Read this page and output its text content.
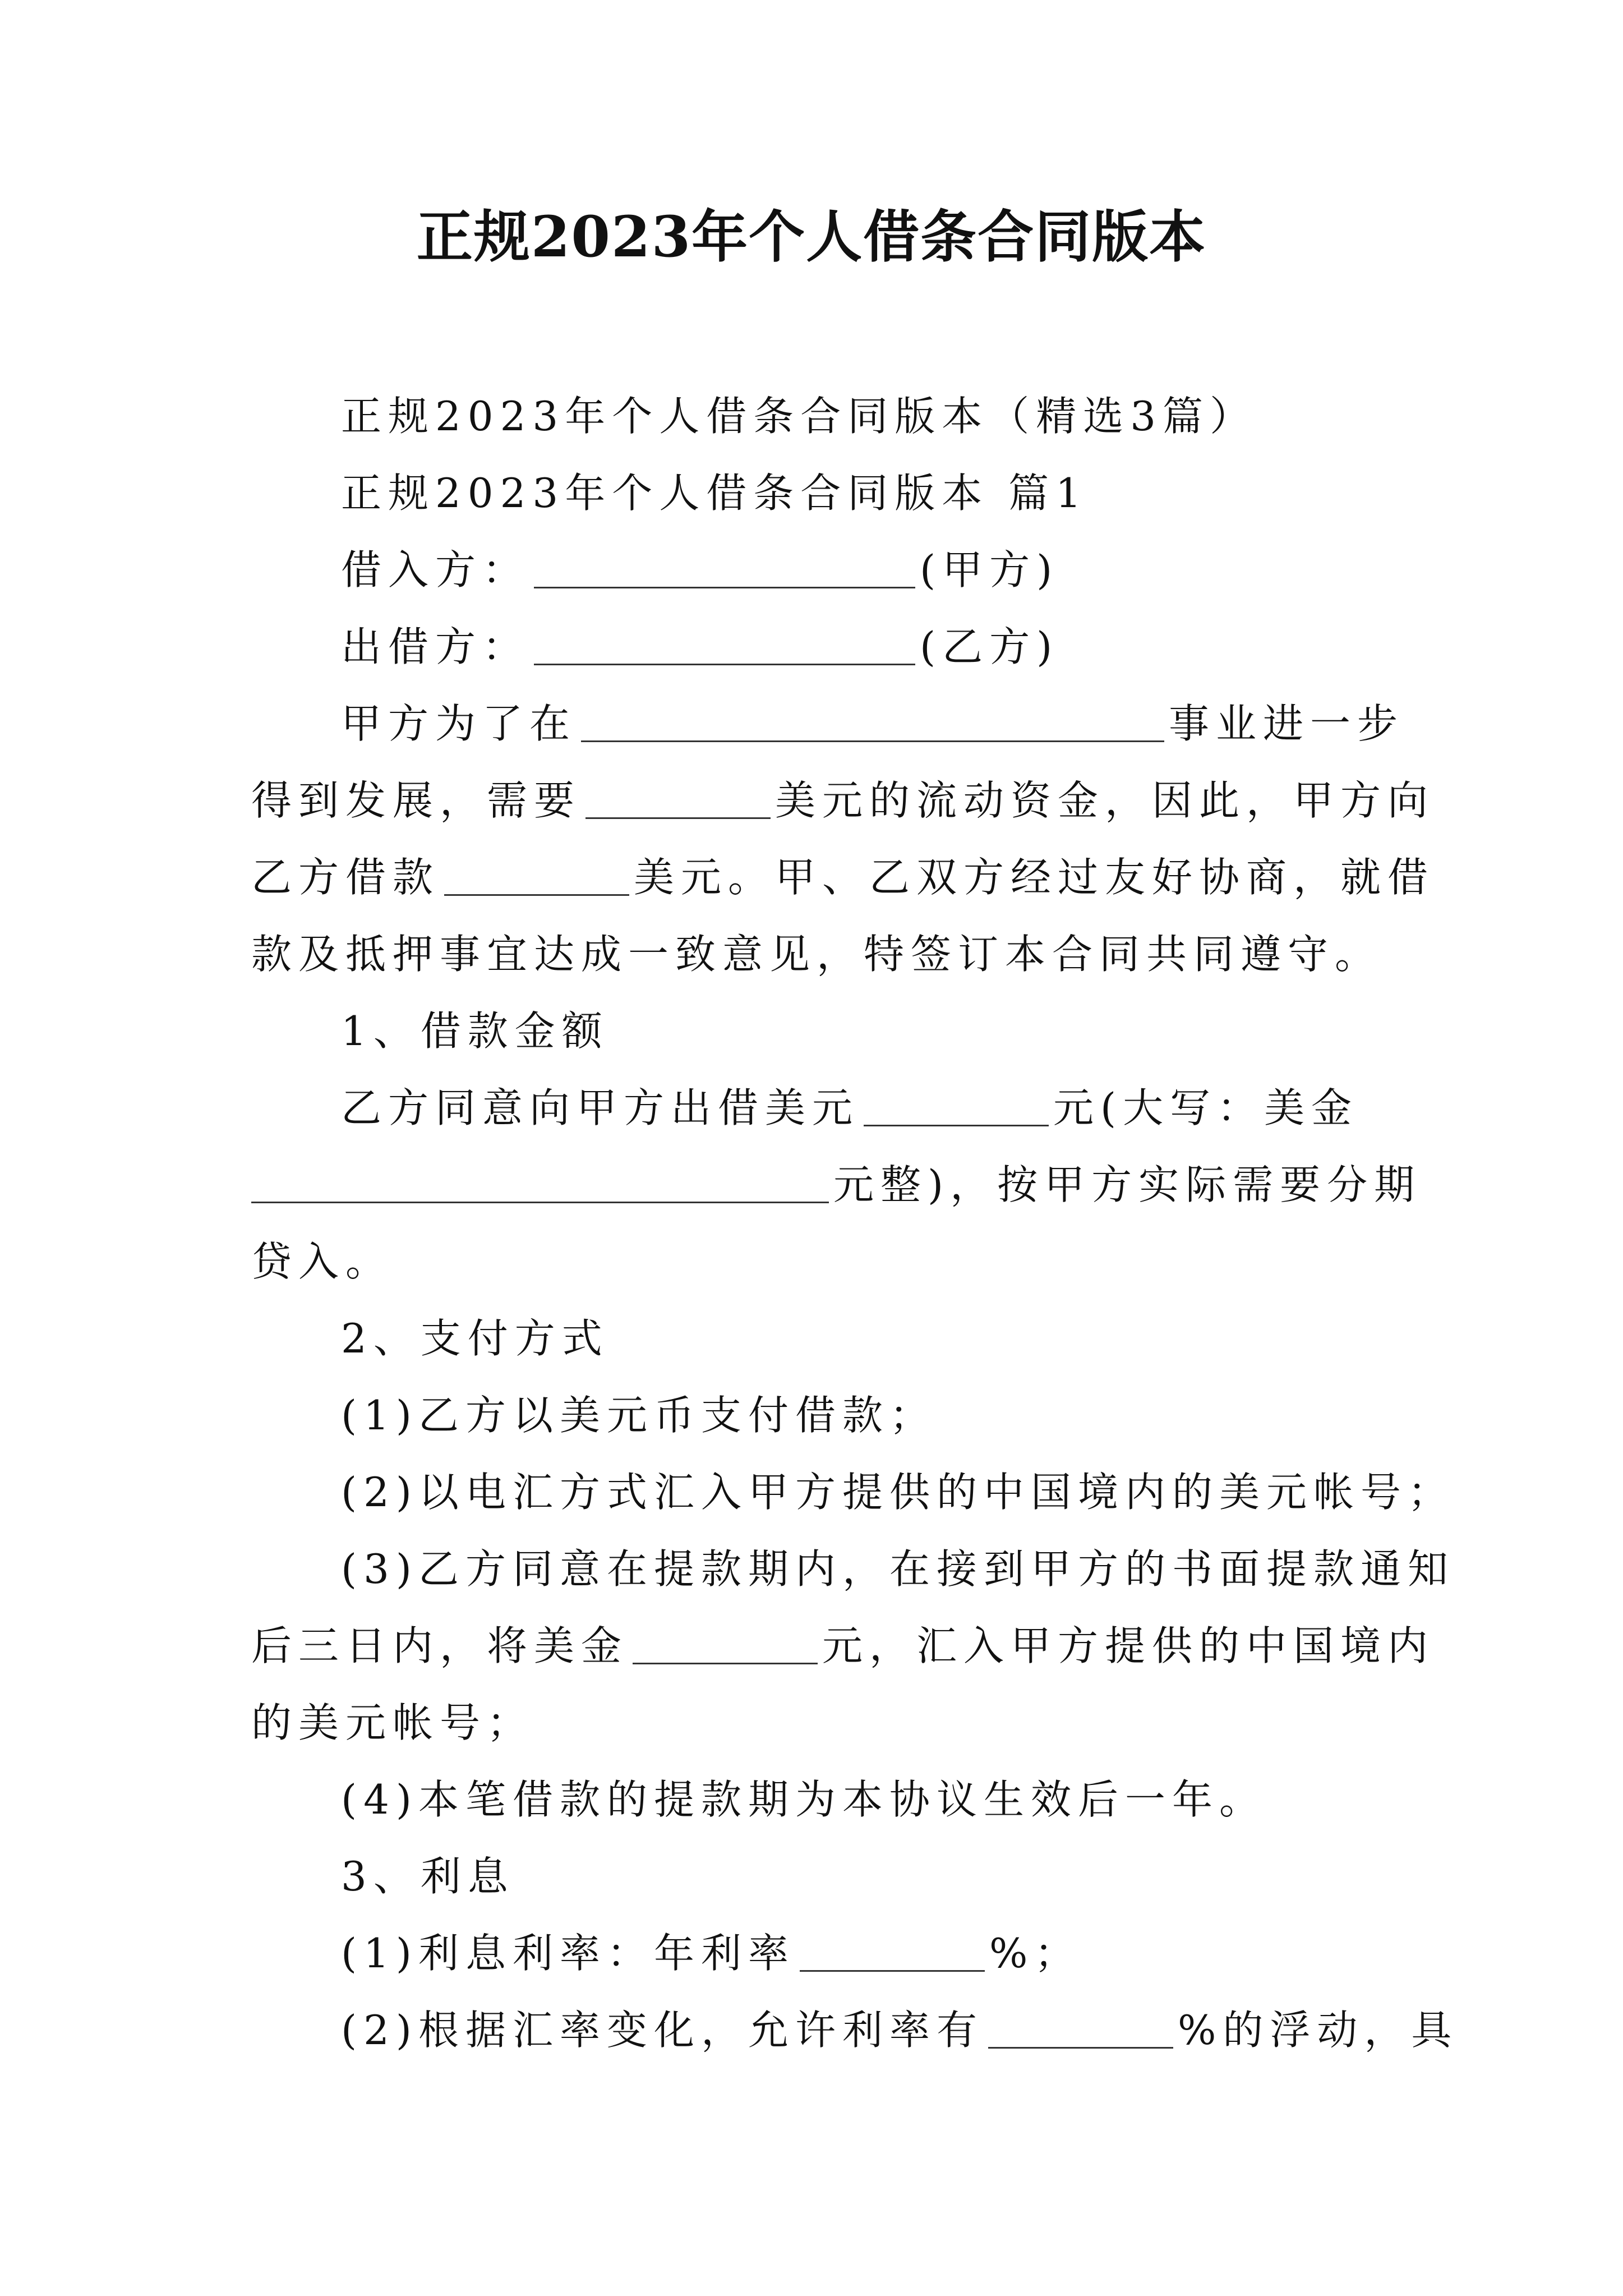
正规2023年个人借条合同版本
正规2023年个人借条合同版本（精选3篇）
正规2023年个人借条合同版本 篇1
借入方：	(甲方)
出借方：	(乙方)
甲方为了在	事业进一步
得到发展，需要	美元的流动资金，因此，甲方向
乙方借款	美元。甲、乙双方经过友好协商，就借
款及抵押事宜达成一致意见，特签订本合同共同遵守。
1、借款金额
乙方同意向甲方出借美元	元(大写：美金
元整)，按甲方实际需要分期
贷入。
2、支付方式
(1)乙方以美元币支付借款；
(2)以电汇方式汇入甲方提供的中国境内的美元帐号；
(3)乙方同意在提款期内，在接到甲方的书面提款通知
后三日内，将美金	元，汇入甲方提供的中国境内
的美元帐号；
(4)本笔借款的提款期为本协议生效后一年。
3、利息
(1)利息利率：年利率	%；
(2)根据汇率变化，允许利率有	%的浮动，具
